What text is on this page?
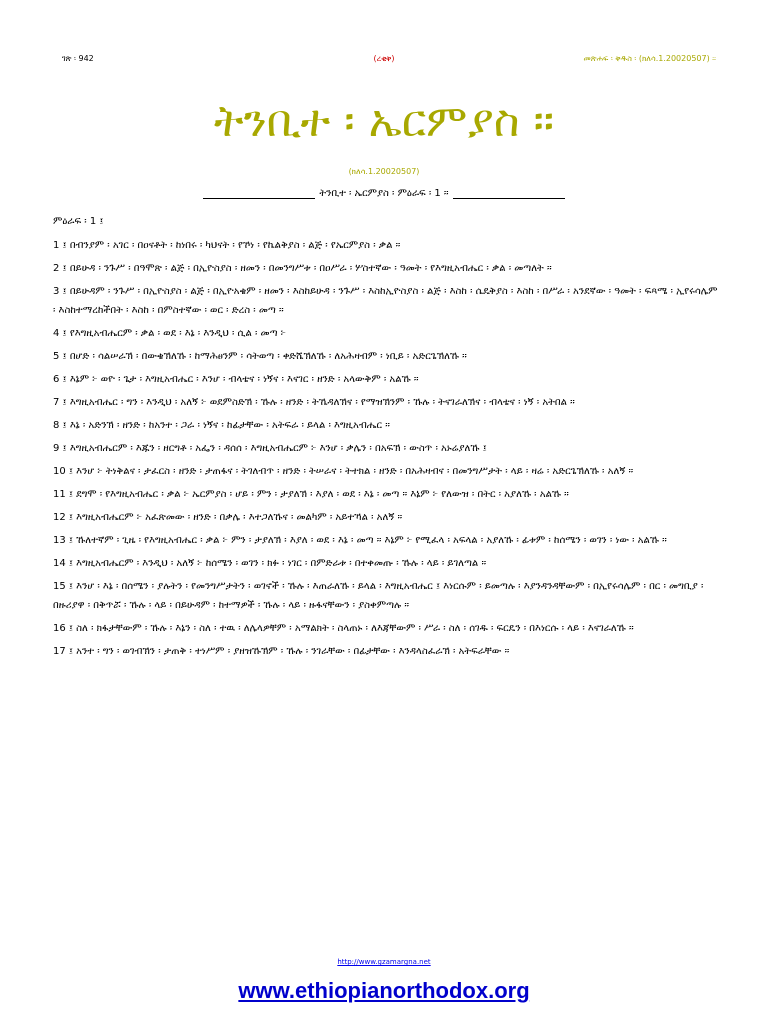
ገጽ ፡ 942	(ረቂቅ)	መጽሐፍ ፡ ቅዱስ ፡ (ክለሳ.1.20020507) ።
ትንቢተ ፡ ኤርምያስ ።
(ክለሳ.1.20020507)
ትንቢተ ፡ ኤርምያስ ፡ ምዕራፍ ፡ 1 ።
ምዕራፍ ፡ 1 ፤
1 ፤ በብንያም ፡ አገር ፡ በዐናቶት ፡ ከነበሩ ፡ ካህናት ፡ የኾነ ፡ የኬልቅያስ ፡ ልጅ ፡ የኤርምያስ ፡ ቃል ።
2 ፤ በይሁዳ ፡ ንጉሥ ፡ በዓሞጽ ፡ ልጅ ፡ በኢዮስያስ ፡ ዘመን ፡ በመንግሥቱ ፡ በዐሥራ ፡ ሦስተኛው ፡ ዓመት ፡ የእግዚአብሔር ፡ ቃል ፡ መጣለት ።
3 ፤ በይሁዳም ፡ ንጉሥ ፡ በኢዮስያስ ፡ ልጅ ፡ በኢዮአቄም ፡ ዘመን ፡ እስከይሁዳ ፡ ንጉሥ ፡ እስከኢዮስያስ ፡ ልጅ ፡ እስከ ፡ ሴዴቅያስ ፡ እስከ ፡ በሥራ ፡ አንደኛው ፡ ዓመት ፡ ፍጻሜ ፡ ኢየሩሳሌም ፡ እስከተማረከችበት ፡ እስከ ፡ በምስተኛው ፡ ወር ፡ ድረስ ፡ መጣ ።
4 ፤ የእግዚአብሔርም ፡ ቃል ፡ ወደ ፡ እኔ ፡ እንዲህ ፡ ሲል ፡ መጣ ፦
5 ፤ በሆድ ፡ ሳልሠራኽ ፡ በውቄኽለኹ ፡ ከማሕፀንም ፡ ሳትወጣ ፡ ቀድሼኽለኹ ፡ ለአሕዛብም ፡ ነቢይ ፡ አድርጌኽለኹ ።
6 ፤ እኔም ፦ ወዮ ፡ ጌታ ፡ እግዚአብሔር ፡ እንሆ ፡ ብላቴና ፡ ነኝና ፡ እናገር ፡ ዘንድ ፡ አላውቅም ፡ አልኹ ።
7 ፤ እግዚአብሔር ፡ ግን ፡ እንዲህ ፡ አለኝ ፦ ወደምስድኽ ፡ ኹሉ ፡ ዘንድ ፡ ትኼዳለኽና ፡ የማዝኽንም ፡ ኹሉ ፡ ትናገራለኽና ፡ ብላቴና ፡ ነኝ ፡ አትበል ።
8 ፤ እኔ ፡ አድንኽ ፡ ዘንድ ፡ ከአንተ ፡ ጋራ ፡ ነኝና ፡ ከፊታቸው ፡ አትፍራ ፡ ይላል ፡ እግዚአብሔር ።
9 ፤ እግዚአብሔርም ፡ እጁን ፡ ዘርግቶ ፡ አፌን ፡ ዳሰሰ ፡ እግዚአብሔርም ፦ እንሆ ፡ ቃሌን ፡ በአፍኽ ፡ ውስጥ ፡ አኑሬያለኹ ፤
10 ፤ እንሆ ፦ ትነቅልና ፡ ታፈርስ ፡ ዘንድ ፡ ታጠፋና ፡ ትገለብጥ ፡ ዘንድ ፡ ትሠራና ፡ ትተክል ፡ ዘንድ ፡ በአሕዛብና ፡ በመንግሥታት ፡ ላይ ፡ ዛሬ ፡ አድርጌኽለኹ ፡ አለኝ ።
11 ፤ ደግሞ ፡ የእግዚአብሔር ፡ ቃል ፦ ኤርምያስ ፡ ሆይ ፡ ምን ፡ ታያለኽ ፡ እያለ ፡ ወደ ፡ እኔ ፡ መጣ ። እኔም ፦ የለውዝ ፡ በትር ፡ አያለኹ ፡ አልኹ ።
12 ፤ እግዚአብሔርም ፦ አፈጽመው ፡ ዘንድ ፡ በቃሌ ፡ እተጋለኹና ፡ መልካም ፡ አይተኻል ፡ አለኝ ።
13 ፤ ኹለተኛም ፡ ጊዜ ፡ የእግዚአብሔር ፡ ቃል ፦ ምን ፡ ታያለኽ ፡ እያለ ፡ ወደ ፡ እኔ ፡ መጣ ። እኔም ፦ የሚፈላ ፡ አፍላል ፡ አያለኹ ፡ ፊቱም ፡ ከሰሜን ፡ ወገን ፡ ነው ፡ አልኹ ።
14 ፤ እግዚአብሔርም ፡ እንዲህ ፡ አለኝ ፦ ከሰሜን ፡ ወገን ፡ ክፉ ፡ ነገር ፡ በምድራቱ ፡ በተቀመጡ ፡ ኹሉ ፡ ላይ ፡ ይገለጣል ።
15 ፤ እንሆ ፡ እኔ ፡ በሰሜን ፡ ያሉትን ፡ የመንግሥታትን ፡ ወገኖች ፡ ኹሉ ፡ እጠራለኹ ፡ ይላል ፡ እግዚአብሔር ፤ እነርሱም ፡ ይመጣሉ ፡ እያንዳንዳቸውም ፡ በኢየሩሳሌም ፡ በር ፡ መግቢያ ፡ በዙሪያዋ ፡ በቅጥሯ ፡ ኹሉ ፡ ላይ ፡ በይሁዳም ፡ ከተማዎች ፡ ኹሉ ፡ ላይ ፡ ዙፋናቸውን ፡ ያስቀምጣሉ ።
16 ፤ ስለ ፡ ክፋታቸውም ፡ ኹሉ ፡ እኔን ፡ ስለ ፡ ተዉ ፡ ለሌላዎቸም ፡ አማልክት ፡ ስላጠኑ ፡ ለእጃቸውም ፡ ሥራ ፡ ስለ ፡ ሰገዱ ፡ ፍርዴን ፡ በእነርሱ ፡ ላይ ፡ እናገራለኹ ።
17 ፤ አንተ ፡ ግን ፡ ወገብኽን ፡ ታጠቅ ፡ ተነሥም ፡ ያዘዝኹኽም ፡ ኹሉ ፡ ንገራቸው ፡ በፊታቸው ፡ እንዳላስፈራኽ ፡ አትፍራቸው ።
http://www.gzamargna.net
www.ethiopianorthodox.org
